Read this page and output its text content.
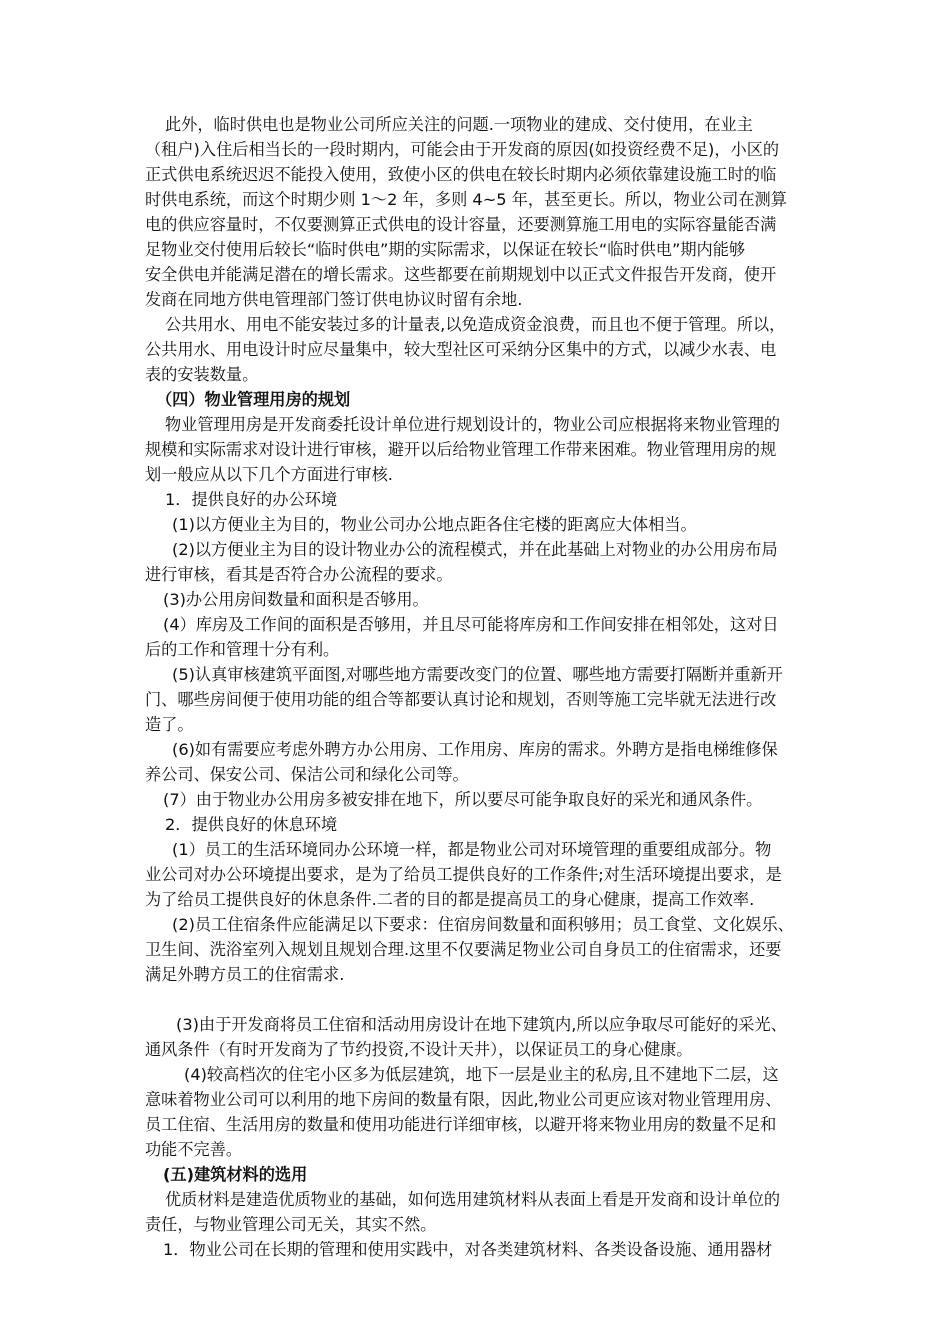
此外，临时供电也是物业公司所应关注的问题.一项物业的建成、交付使用，在业主
（租户)入住后相当长的一段时期内，可能会由于开发商的原因(如投资经费不足)，小区的
正式供电系统迟迟不能投入使用，致使小区的供电在较长时期内必须依靠建设施工时的临
时供电系统，而这个时期少则 1～2 年，多则 4~5 年，甚至更长。所以，物业公司在测算
电的供应容量时，不仅要测算正式供电的设计容量，还要测算施工用电的实际容量能否满
足物业交付使用后较长“临时供电”期的实际需求，以保证在较长“临时供电”期内能够
安全供电并能满足潜在的增长需求。这些都要在前期规划中以正式文件报告开发商，使开
发商在同地方供电管理部门签订供电协议时留有余地.
公共用水、用电不能安装过多的计量表,以免造成资金浪费，而且也不便于管理。所以，
公共用水、用电设计时应尽量集中，较大型社区可采纳分区集中的方式，以减少水表、电
表的安装数量。
（四）物业管理用房的规划
物业管理用房是开发商委托设计单位进行规划设计的，物业公司应根据将来物业管理的
规模和实际需求对设计进行审核，避开以后给物业管理工作带来困难。物业管理用房的规
划一般应从以下几个方面进行审核.
1．提供良好的办公环境
(1)以方便业主为目的，物业公司办公地点距各住宅楼的距离应大体相当。
(2)以方便业主为目的设计物业办公的流程模式，并在此基础上对物业的办公用房布局
进行审核，看其是否符合办公流程的要求。
(3)办公用房间数量和面积是否够用。
(4）库房及工作间的面积是否够用，并且尽可能将库房和工作间安排在相邻处，这对日
后的工作和管理十分有利。
(5)认真审核建筑平面图,对哪些地方需要改变门的位置、哪些地方需要打隔断并重新开
门、哪些房间便于使用功能的组合等都要认真讨论和规划，否则等施工完毕就无法进行改
造了。
(6)如有需要应考虑外聘方办公用房、工作用房、库房的需求。外聘方是指电梯维修保
养公司、保安公司、保洁公司和绿化公司等。
(7）由于物业办公用房多被安排在地下，所以要尽可能争取良好的采光和通风条件。
2．提供良好的休息环境
(1）员工的生活环境同办公环境一样，都是物业公司对环境管理的重要组成部分。物
业公司对办公环境提出要求，是为了给员工提供良好的工作条件;对生活环境提出要求，是
为了给员工提供良好的休息条件.二者的目的都是提高员工的身心健康，提高工作效率.
(2)员工住宿条件应能满足以下要求：住宿房间数量和面积够用；员工食堂、文化娱乐、
卫生间、洗浴室列入规划且规划合理.这里不仅要满足物业公司自身员工的住宿需求，还要
满足外聘方员工的住宿需求.
(3)由于开发商将员工住宿和活动用房设计在地下建筑内,所以应争取尽可能好的采光、
通风条件（有时开发商为了节约投资,不设计天井），以保证员工的身心健康。
(4)较高档次的住宅小区多为低层建筑，地下一层是业主的私房,且不建地下二层，这
意味着物业公司可以利用的地下房间的数量有限，因此,物业公司更应该对物业管理用房、
员工住宿、生活用房的数量和使用功能进行详细审核，以避开将来物业用房的数量不足和
功能不完善。
(五)建筑材料的选用
优质材料是建造优质物业的基础，如何选用建筑材料从表面上看是开发商和设计单位的
责任，与物业管理公司无关，其实不然。
1．物业公司在长期的管理和使用实践中，对各类建筑材料、各类设备设施、通用器材
